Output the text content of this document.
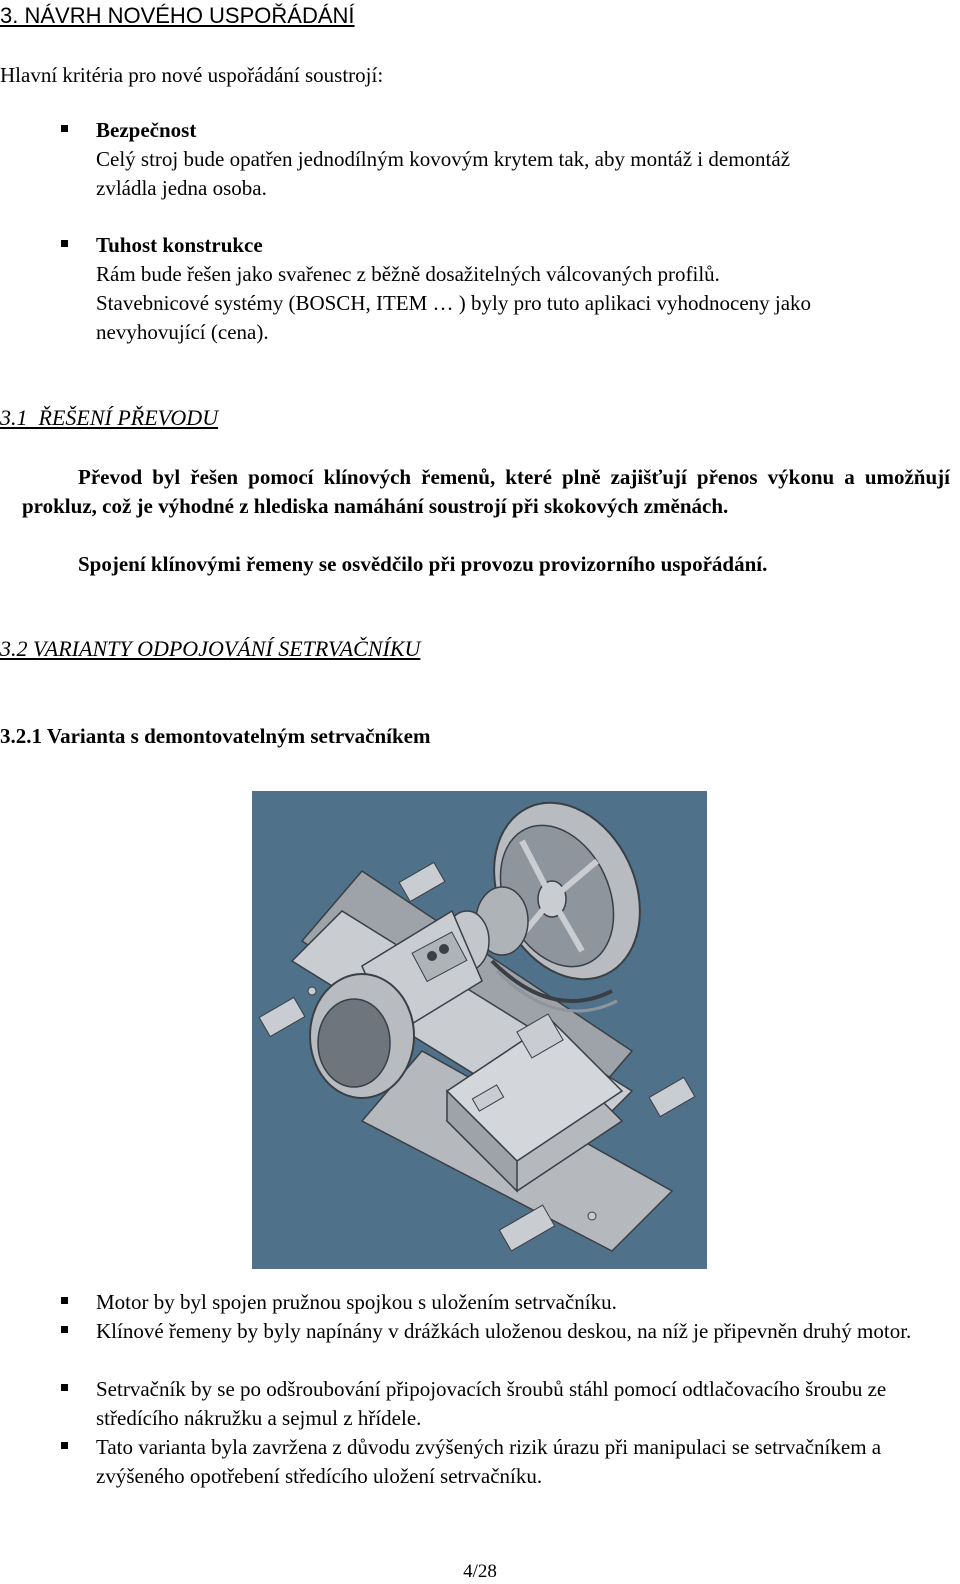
3. NÁVRH NOVÉHO USPOŘÁDÁNÍ
Hlavní kritéria pro nové uspořádání soustrojí:
Bezpečnost
Celý stroj bude opatřen jednodílným kovovým krytem tak, aby montáž i demontáž
zvládla jedna osoba.
Tuhost konstrukce
Rám bude řešen jako svařenec z běžně dosažitelných válcovaných profilů.
Stavebnicové systémy (BOSCH, ITEM … ) byly pro tuto aplikaci vyhodnoceny jako
nevyhovující (cena).
3.1  ŘEŠENÍ PŘEVODU
Převod byl řešen pomocí klínových řemenů, které plně zajišťují přenos výkonu a umožňují prokluz, což je výhodné z hlediska namáhání soustrojí při skokových změnách.
Spojení klínovými řemeny se osvědčilo při provozu provizorního uspořádání.
3.2 VARIANTY ODPOJOVÁNÍ SETRVAČNÍKU
3.2.1 Varianta s demontovatelným setrvačníkem
Motor by byl spojen pružnou spojkou s uložením setrvačníku.
Klínové řemeny by byly napínány v drážkách uloženou deskou, na níž je připevněn druhý motor.
Setrvačník by se po odšroubování připojovacích šroubů stáhl pomocí odtlačovacího šroubu ze středícího nákružku a sejmul z hřídele.
Tato varianta byla zavržena z důvodu zvýšených rizik úrazu při manipulaci se setrvačníkem a zvýšeného opotřebení středícího uložení setrvačníku.
4/28
